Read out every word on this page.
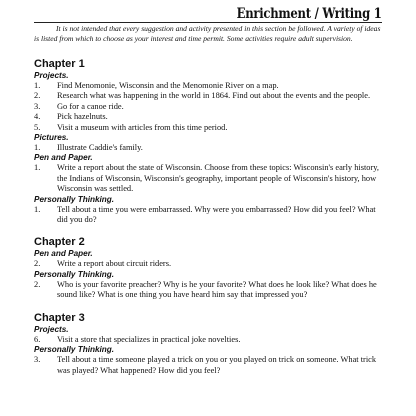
Enrichment / Writing 1
It is not intended that every suggestion and activity presented in this section be followed. A variety of ideas is listed from which to choose as your interest and time permit. Some activities require adult supervision.
Chapter 1
Projects.
1. Find Menomonie, Wisconsin and the Menomonie River on a map.
2. Research what was happening in the world in 1864. Find out about the events and the people.
3. Go for a canoe ride.
4. Pick hazelnuts.
5. Visit a museum with articles from this time period.
Pictures.
1. Illustrate Caddie's family.
Pen and Paper.
1. Write a report about the state of Wisconsin. Choose from these topics: Wisconsin's early history, the Indians of Wisconsin, Wisconsin's geography, important people of Wisconsin's history, how Wisconsin was settled.
Personally Thinking.
1. Tell about a time you were embarrassed. Why were you embarrassed? How did you feel? What did you do?
Chapter 2
Pen and Paper.
2. Write a report about circuit riders.
Personally Thinking.
2. Who is your favorite preacher? Why is he your favorite? What does he look like? What does he sound like? What is one thing you have heard him say that impressed you?
Chapter 3
Projects.
6. Visit a store that specializes in practical joke novelties.
Personally Thinking.
3. Tell about a time someone played a trick on you or you played on trick on someone. What trick was played? What happened? How did you feel?
